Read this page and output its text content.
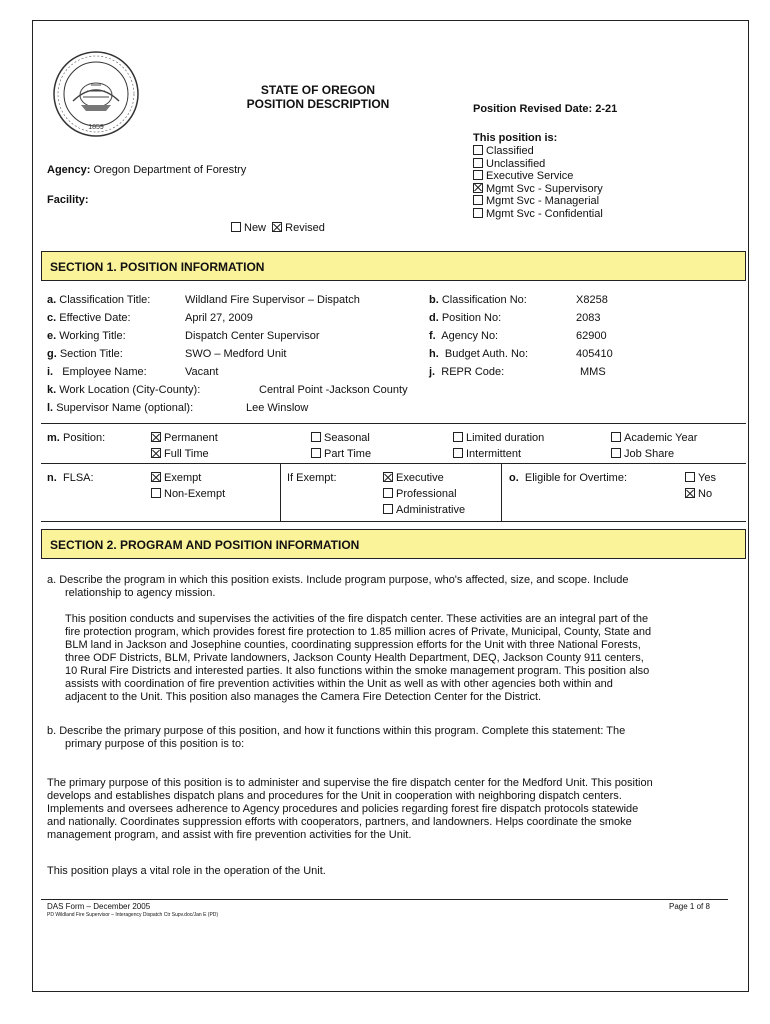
1859
STATE OF OREGON
POSITION DESCRIPTION	Position Revised Date: 2-21
This position is:
Classified
Unclassified
Executive Service
Mgmt Svc - Supervisory
Mgmt Svc - Managerial
Mgmt Svc - Confidential
Agency: Oregon Department of Forestry
Facility:
New Revised
SECTION 1. POSITION INFORMATION
a. Classification Title:	Wildland Fire Supervisor – Dispatch	b. Classification No:	X8258
c. Effective Date:	April 27, 2009	d. Position No:	2083
e. Working Title:	Dispatch Center Supervisor	f. Agency No:	62900
g. Section Title:	SWO – Medford Unit	h. Budget Auth. No:	405410
i. Employee Name:	Vacant	j. REPR Code:	MMS
k. Work Location (City-County):	Central Point -Jackson County
l. Supervisor Name (optional):	Lee Winslow
m. Position:	Permanent	Seasonal	Limited duration	Academic Year
Full Time	Part Time	Intermittent	Job Share
n. FLSA:	Exempt
Non-Exempt
If Exempt:	Executive
Professional
Administrative
o. Eligible for Overtime:	Yes
No
SECTION 2. PROGRAM AND POSITION INFORMATION
a. Describe the program in which this position exists. Include program purpose, who's affected, size, and scope. Include
relationship to agency mission.
This position conducts and supervises the activities of the fire dispatch center. These activities are an integral part of the
fire protection program, which provides forest fire protection to 1.85 million acres of Private, Municipal, County, State and
BLM land in Jackson and Josephine counties, coordinating suppression efforts for the Unit with three National Forests,
three ODF Districts, BLM, Private landowners, Jackson County Health Department, DEQ, Jackson County 911 centers,
10 Rural Fire Districts and interested parties. It also functions within the smoke management program. This position also
assists with coordination of fire prevention activities within the Unit as well as with other agencies both within and
adjacent to the Unit. This position also manages the Camera Fire Detection Center for the District.
b. Describe the primary purpose of this position, and how it functions within this program. Complete this statement: The
primary purpose of this position is to:
The primary purpose of this position is to administer and supervise the fire dispatch center for the Medford Unit. This position
develops and establishes dispatch plans and procedures for the Unit in cooperation with neighboring dispatch centers.
Implements and oversees adherence to Agency procedures and policies regarding forest fire dispatch protocols statewide
and nationally. Coordinates suppression efforts with cooperators, partners, and landowners. Helps coordinate the smoke
management program, and assist with fire prevention activities for the Unit.
This position plays a vital role in the operation of the Unit.
DAS Form – December 2005
PD Wildland Fire Supervisor – Interagency Dispatch Ctr Supv.doc/Jan E (PD)
Page 1 of 8
